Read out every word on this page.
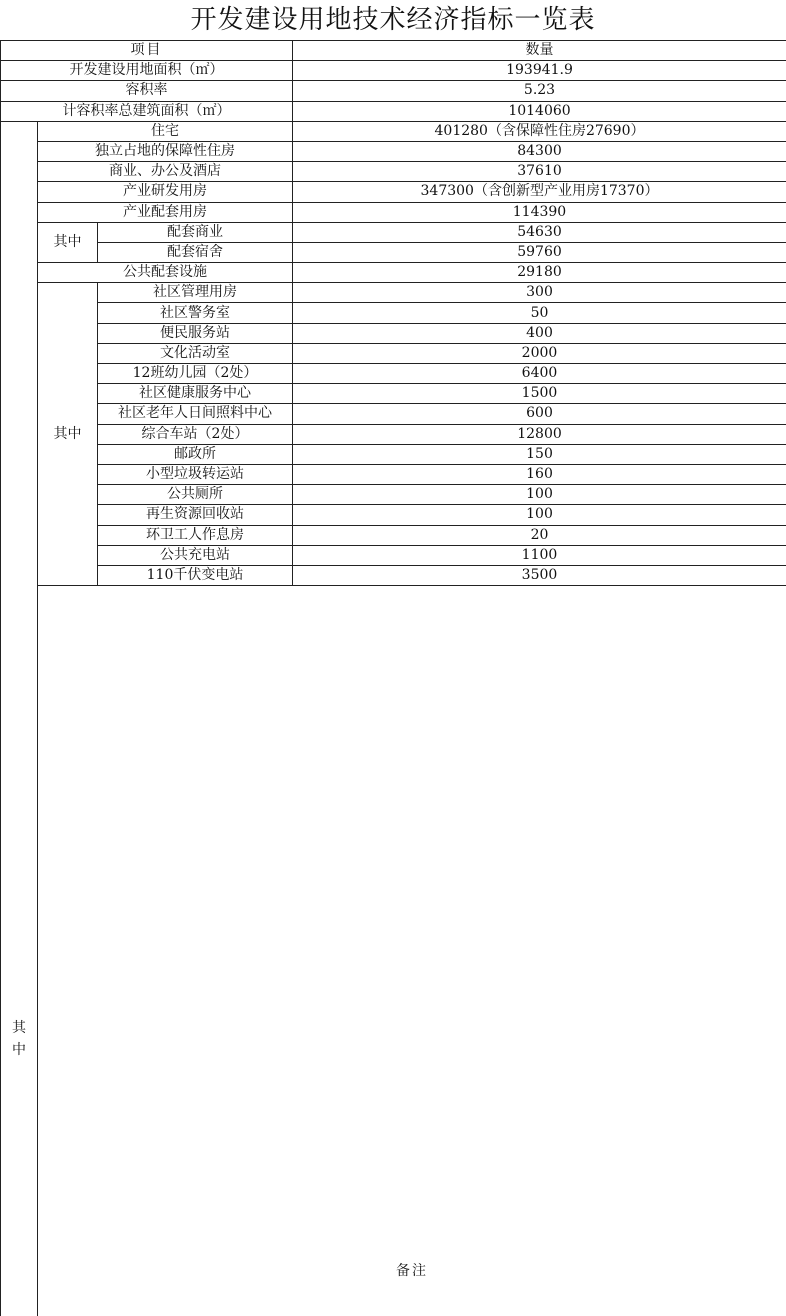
开发建设用地技术经济指标一览表
项目			数量	
开发建设用地面积（㎡）			193941.9	
容积率			5.23	
计容积率总建筑面积（㎡）			1014060	
其中	住宅		401280（含保障性住房27690）	
	独立占地的保障性住房		84300	
	商业、办公及酒店		37610	
	产业研发用房		347300（含创新型产业用房17370）	
	产业配套用房		114390	
	其中	配套商业	54630	
		配套宿舍	59760	
	公共配套设施		29180	
	其中	社区管理用房	300	
		社区警务室	50	
		便民服务站	400	
		文化活动室	2000	
		12班幼儿园（2处）	6400	
		社区健康服务中心	1500	
		社区老年人日间照料中心	600	
		综合车站（2处）	12800	
		邮政所	150	
		小型垃圾转运站	160	
		公共厕所	100	
		再生资源回收站	100	
		环卫工人作息房	20	
		公共充电站	1100	
		110千伏变电站	3500	
	备注	
